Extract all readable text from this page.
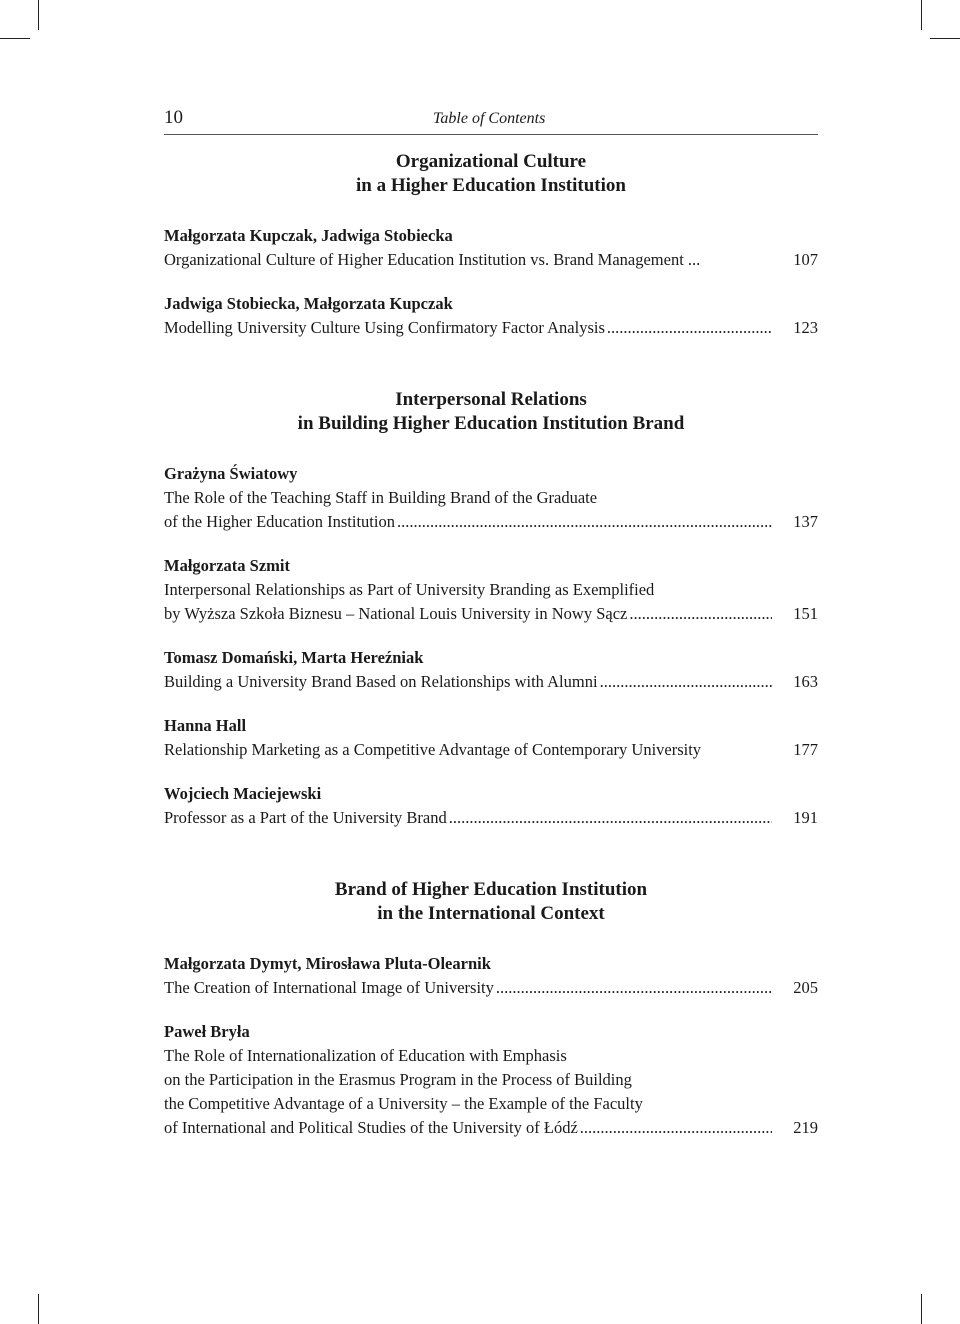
10	Table of Contents

Organizational Culture
in a Higher Education Institution

Małgorzata Kupczak, Jadwiga Stobiecka
Organizational Culture of Higher Education Institution vs. Brand Management ...	107
Jadwiga Stobiecka, Małgorzata Kupczak
Modelling University Culture Using Confirmatory Factor Analysis .....	123

Interpersonal Relations
in Building Higher Education Institution Brand

Grażyna Światowy
The Role of the Teaching Staff in Building Brand of the Graduate
of the Higher Education Institution .....	137
Małgorzata Szmit
Interpersonal Relationships as Part of University Branding as Exemplified
by Wyższa Szkoła Biznesu – National Louis University in Nowy Sącz .....	151
Tomasz Domański, Marta Hereźniak
Building a University Brand Based on Relationships with Alumni .....	163
Hanna Hall
Relationship Marketing as a Competitive Advantage of Contemporary University	177
Wojciech Maciejewski
Professor as a Part of the University Brand .....	191

Brand of Higher Education Institution
in the International Context

Małgorzata Dymyt, Mirosława Pluta-Olearnik
The Creation of International Image of University .....	205
Paweł Bryła
The Role of Internationalization of Education with Emphasis
on the Participation in the Erasmus Program in the Process of Building
the Competitive Advantage of a University – the Example of the Faculty
of International and Political Studies of the University of Łódź .....	219
